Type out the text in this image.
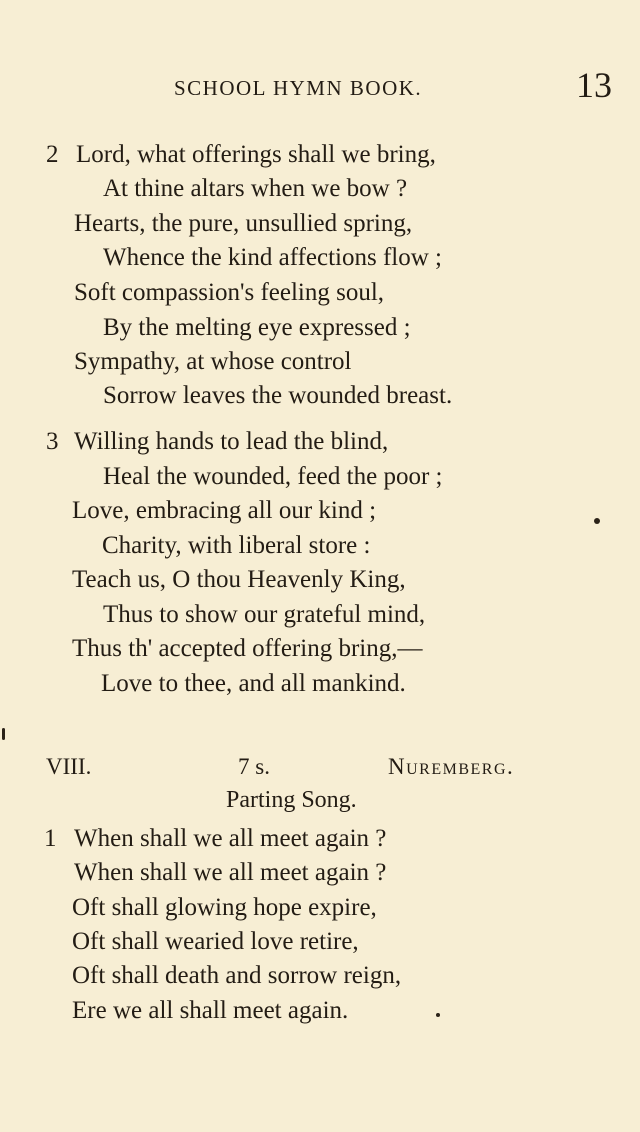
SCHOOL HYMN BOOK.	13
2 Lord, what offerings shall we bring,
At thine altars when we bow ?
Hearts, the pure, unsullied spring,
Whence the kind affections flow ;
Soft compassion's feeling soul,
By the melting eye expressed ;
Sympathy, at whose control
Sorrow leaves the wounded breast.
3 Willing hands to lead the blind,
Heal the wounded, feed the poor ;
Love, embracing all our kind ;
Charity, with liberal store :
Teach us, O thou Heavenly King,
Thus to show our grateful mind,
Thus th' accepted offering bring,—
Love to thee, and all mankind.
VIII.	7 s.	Nuremberg.
Parting Song.
1 When shall we all meet again ?
When shall we all meet again ?
Oft shall glowing hope expire,
Oft shall wearied love retire,
Oft shall death and sorrow reign,
Ere we all shall meet again.
